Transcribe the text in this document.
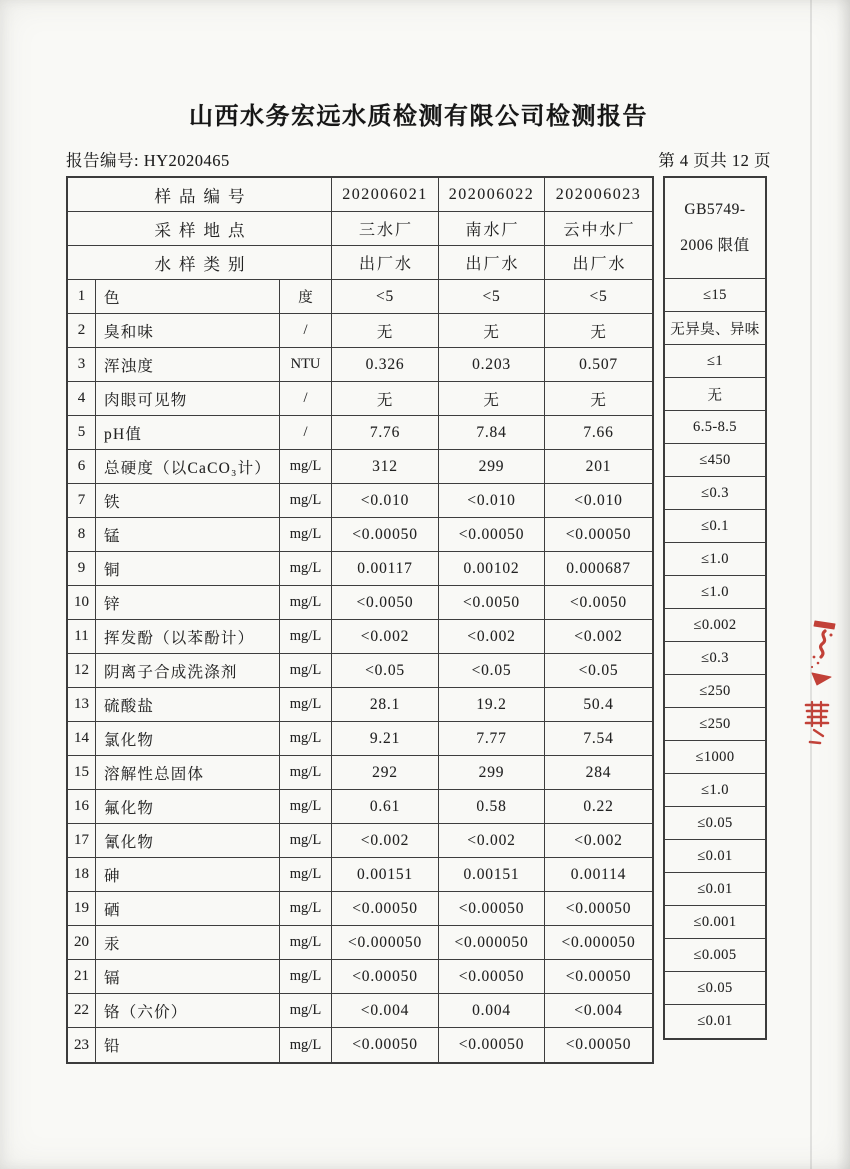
山西水务宏远水质检测有限公司检测报告
报告编号: HY2020465	第 4 页共 12 页
样品编号	202006021	202006022	202006023
采样地点	三水厂	南水厂	云中水厂
水样类别	出厂水	出厂水	出厂水
1	色	度	<5	<5	<5
2	臭和味	/	无	无	无
3	浑浊度	NTU	0.326	0.203	0.507
4	肉眼可见物	/	无	无	无
5	pH值	/	7.76	7.84	7.66
6	总硬度（以CaCO₃计）	mg/L	312	299	201
7	铁	mg/L	<0.010	<0.010	<0.010
8	锰	mg/L	<0.00050	<0.00050	<0.00050
9	铜	mg/L	0.00117	0.00102	0.000687
10 锌	mg/L	<0.0050	<0.0050	<0.0050
11 挥发酚（以苯酚计）	mg/L	<0.002	<0.002	<0.002
12 阴离子合成洗涤剂	mg/L	<0.05	<0.05	<0.05
13 硫酸盐	mg/L	28.1	19.2	50.4
14 氯化物	mg/L	9.21	7.77	7.54
15 溶解性总固体	mg/L	292	299	284
16 氟化物	mg/L	0.61	0.58	0.22
17 氰化物	mg/L	<0.002	<0.002	<0.002
18 砷	mg/L	0.00151	0.00151	0.00114
19 硒	mg/L	<0.00050	<0.00050	<0.00050
20 汞	mg/L	<0.000050	<0.000050	<0.000050
21 镉	mg/L	<0.00050	<0.00050	<0.00050
22 铬（六价）	mg/L	<0.004	0.004	<0.004
23 铅	mg/L	<0.00050	<0.00050	<0.00050
GB5749-
2006 限值
≤15
无异臭、异味
≤1
无
6.5-8.5
≤450
≤0.3
≤0.1
≤1.0
≤1.0
≤0.002
≤0.3
≤250
≤250
≤1000
≤1.0
≤0.05
≤0.01
≤0.01
≤0.001
≤0.005
≤0.05
≤0.01
